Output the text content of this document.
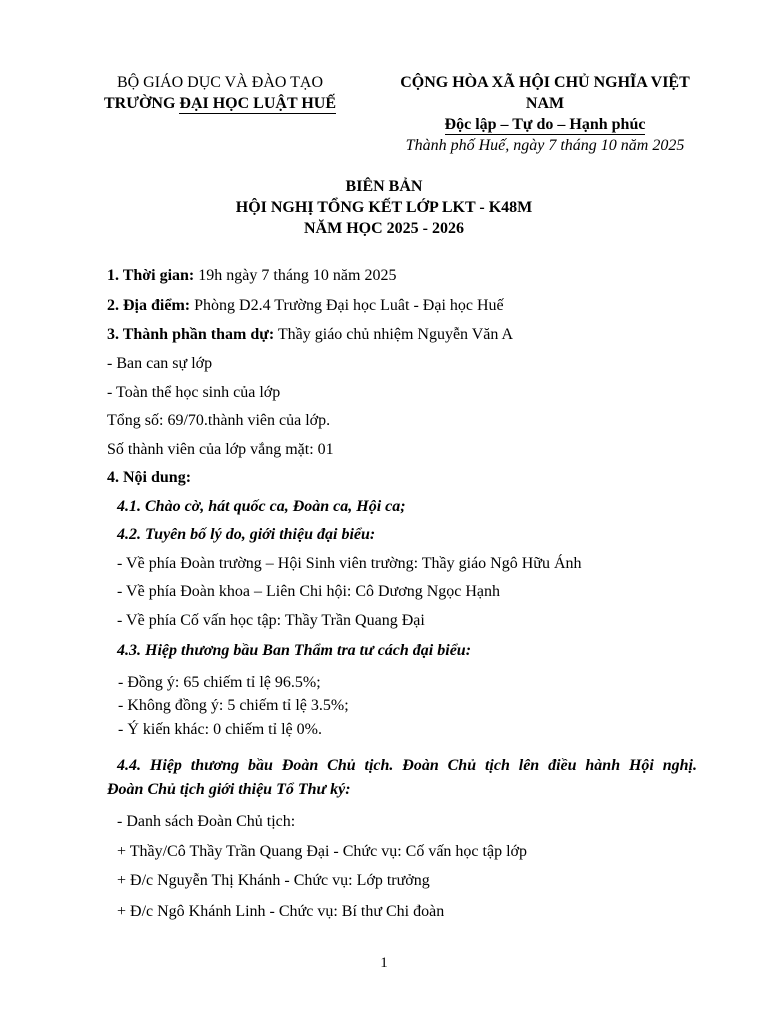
BỘ GIÁO DỤC VÀ ĐÀO TẠO
TRƯỜNG ĐẠI HỌC LUẬT HUẾ
CỘNG HÒA XÃ HỘI CHỦ NGHĨA VIỆT
NAM
Độc lập – Tự do – Hạnh phúc
Thành phố Huế, ngày 7 tháng 10 năm 2025
BIÊN BẢN
HỘI NGHỊ TỔNG KẾT LỚP LKT - K48M
NĂM HỌC 2025 - 2026
1. Thời gian: 19h ngày 7 tháng 10 năm 2025
2. Địa điểm: Phòng D2.4 Trường Đại học Luât - Đại học Huế
3. Thành phần tham dự: Thầy giáo chủ nhiệm Nguyễn Văn A
- Ban can sự lớp
- Toàn thể học sinh của lớp
Tổng số: 69/70.thành viên của lớp.
Số thành viên của lớp vắng mặt: 01
4. Nội dung:
4.1. Chào cờ, hát quốc ca, Đoàn ca, Hội ca;
4.2. Tuyên bố lý do, giới thiệu đại biểu:
- Về phía Đoàn trường – Hội Sinh viên trường: Thầy giáo Ngô Hữu Ánh
- Về phía Đoàn khoa – Liên Chi hội: Cô Dương Ngọc Hạnh
- Về phía Cố vấn học tập: Thầy Trần Quang Đại
4.3. Hiệp thương bầu Ban Thẩm tra tư cách đại biểu:
- Đồng ý: 65 chiếm tỉ lệ 96.5%;
- Không đồng ý: 5 chiếm tỉ lệ 3.5%;
- Ý kiến khác: 0 chiếm tỉ lệ 0%.
4.4. Hiệp thương bầu Đoàn Chủ tịch. Đoàn Chủ tịch lên điều hành Hội nghị.
Đoàn Chủ tịch giới thiệu Tổ Thư ký:
- Danh sách Đoàn Chủ tịch:
+ Thầy/Cô Thầy Trần Quang Đại - Chức vụ: Cố vấn học tập lớp
+ Đ/c Nguyễn Thị Khánh - Chức vụ: Lớp trưởng
+ Đ/c Ngô Khánh Linh - Chức vụ: Bí thư Chi đoàn
1
